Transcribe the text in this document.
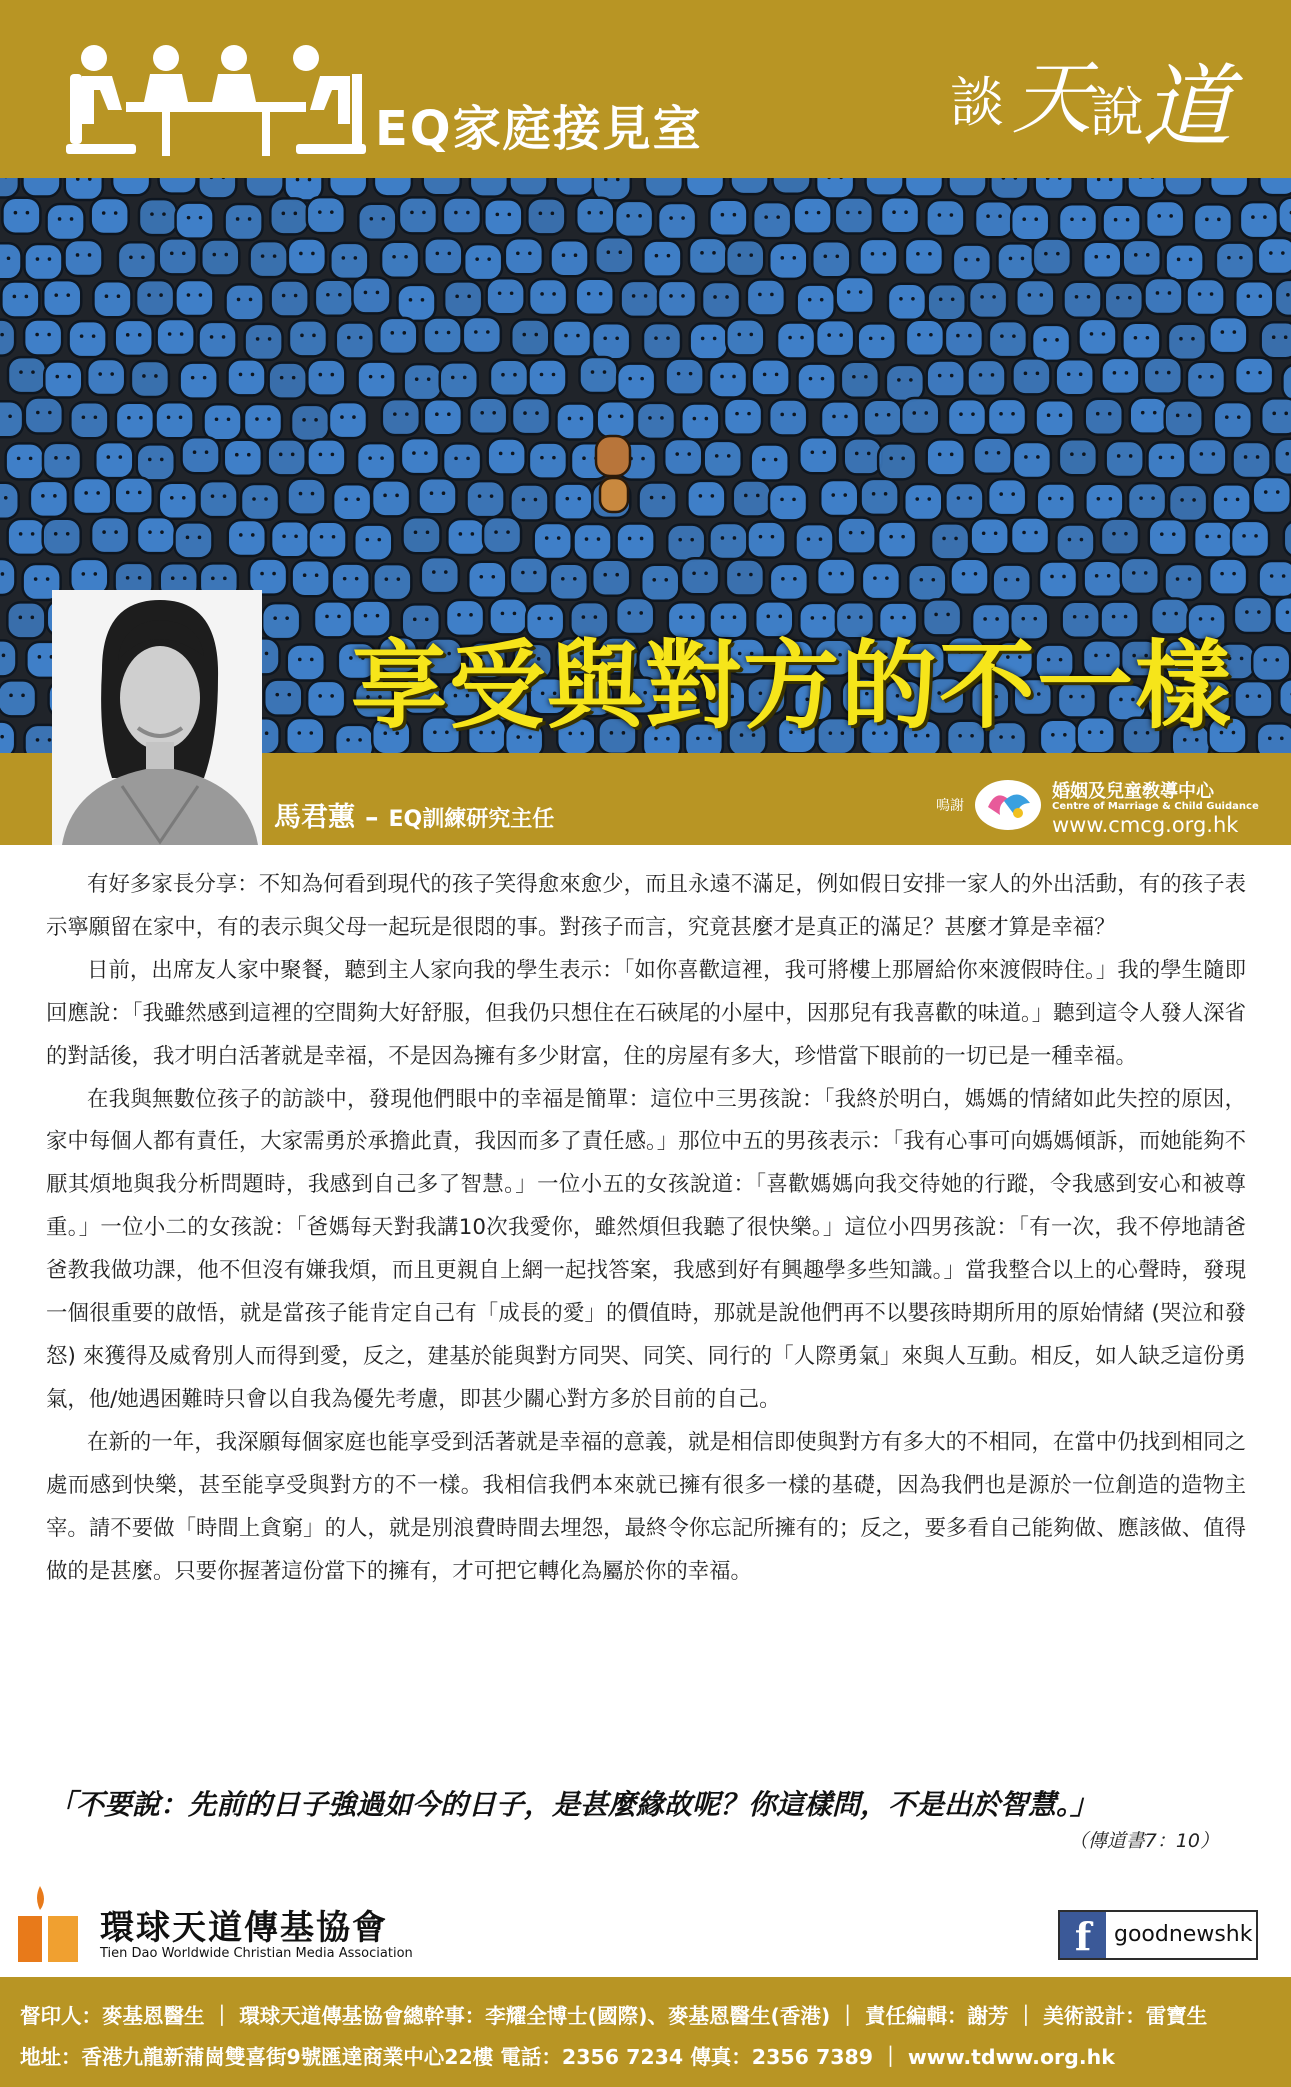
EQ家庭接見室	談 天
說
道
享受與對方的不一樣
馬君蕙 – EQ訓練研究主任
鳴謝
婚姻及兒童敎導中心
Centre of Marriage & Child Guidance
www.cmcg.org.hk

有好多家長分享：不知為何看到現代的孩子笑得愈來愈少，而且永遠不滿足，例如假日安排一家人的外出活動，有的孩子表示寧願留在家中，有的表示與父母一起玩是很悶的事。對孩子而言，究竟甚麼才是真正的滿足？甚麼才算是幸福？

日前，出席友人家中聚餐，聽到主人家向我的學生表示：「如你喜歡這裡，我可將樓上那層給你來渡假時住。」我的學生隨即回應說：「我雖然感到這裡的空間夠大好舒服，但我仍只想住在石硤尾的小屋中，因那兒有我喜歡的味道。」聽到這令人發人深省的對話後，我才明白活著就是幸福，不是因為擁有多少財富，住的房屋有多大，珍惜當下眼前的一切已是一種幸福。

在我與無數位孩子的訪談中，發現他們眼中的幸福是簡單：這位中三男孩說：「我終於明白，媽媽的情緒如此失控的原因，家中每個人都有責任，大家需勇於承擔此責，我因而多了責任感。」那位中五的男孩表示：「我有心事可向媽媽傾訴，而她能夠不厭其煩地與我分析問題時，我感到自己多了智慧。」一位小五的女孩說道：「喜歡媽媽向我交待她的行蹤，令我感到安心和被尊重。」一位小二的女孩說：「爸媽每天對我講10次我愛你，雖然煩但我聽了很快樂。」這位小四男孩說：「有一次，我不停地請爸爸教我做功課，他不但沒有嫌我煩，而且更親自上網一起找答案，我感到好有興趣學多些知識。」當我整合以上的心聲時，發現一個很重要的啟悟，就是當孩子能肯定自己有「成長的愛」的價值時，那就是說他們再不以嬰孩時期所用的原始情緒 (哭泣和發怒) 來獲得及威脅別人而得到愛，反之，建基於能與對方同哭、同笑、同行的「人際勇氣」來與人互動。相反，如人缺乏這份勇氣，他/她遇困難時只會以自我為優先考慮，即甚少關心對方多於目前的自己。

在新的一年，我深願每個家庭也能享受到活著就是幸福的意義，就是相信即使與對方有多大的不相同，在當中仍找到相同之處而感到快樂，甚至能享受與對方的不一樣。我相信我們本來就已擁有很多一樣的基礎，因為我們也是源於一位創造的造物主宰。請不要做「時間上貪窮」的人，就是別浪費時間去埋怨，最終令你忘記所擁有的；反之，要多看自己能夠做、應該做、值得做的是甚麼。只要你握著這份當下的擁有，才可把它轉化為屬於你的幸福。

「不要說：先前的日子強過如今的日子，是甚麼緣故呢？你這樣問，不是出於智慧。」
（傳道書7：10）
環球天道傳基協會
Tien Dao Worldwide Christian Media Association	f	goodnewshk
督印人：麥基恩醫生 ｜ 環球天道傳基協會總幹事：李耀全博士(國際)、麥基恩醫生(香港) ｜ 責任編輯：謝芳 ｜ 美術設計：雷寶生
地址：香港九龍新蒲崗雙喜街9號匯達商業中心22樓 電話：2356 7234 傳真：2356 7389 ｜ www.tdww.org.hk
